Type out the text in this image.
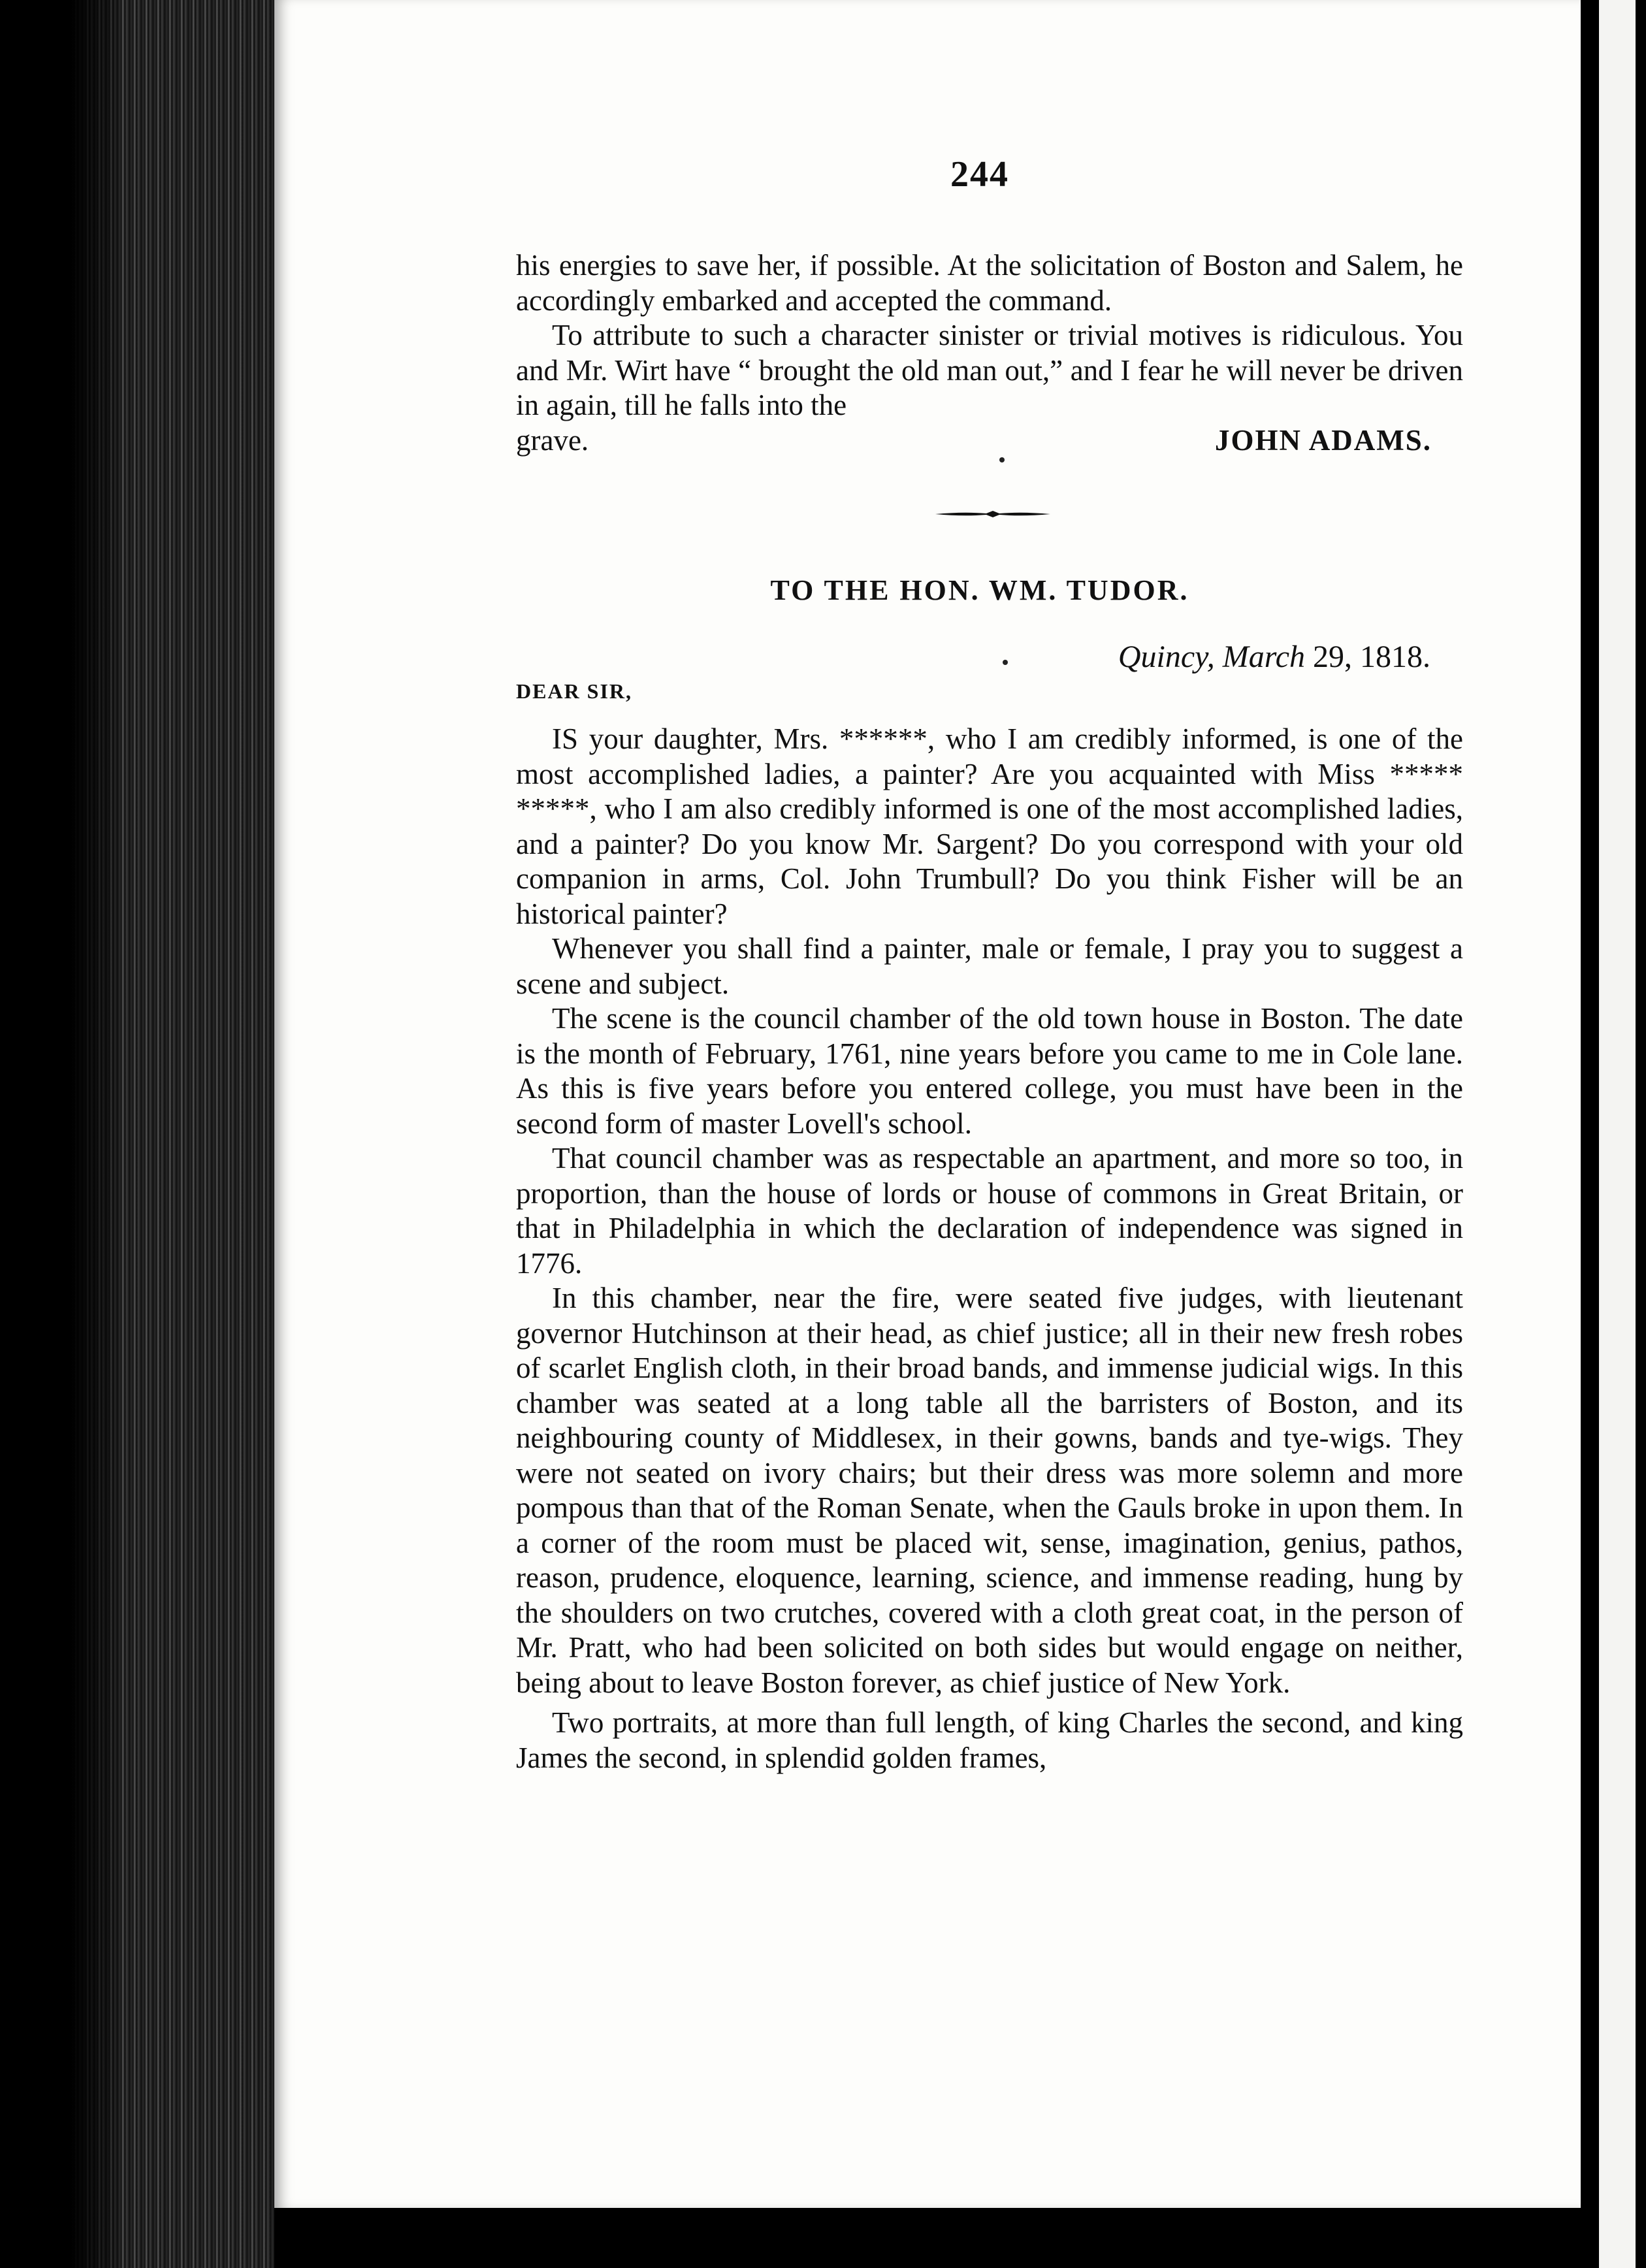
244

his energies to save her, if possible. At the solicitation of Boston and Salem, he accordingly embarked and accepted the command.

To attribute to such a character sinister or trivial motives is ridiculous. You and Mr. Wirt have “ brought the old man out,” and I fear he will never be driven in again, till he falls into the

grave.	JOHN ADAMS.
TO THE HON. WM. TUDOR.
Quincy, March 29, 1818.
DEAR SIR,

IS your daughter, Mrs. ******, who I am credibly informed, is one of the most accomplished ladies, a painter? Are you acquainted with Miss ***** *****, who I am also credibly informed is one of the most accomplished ladies, and a painter? Do you know Mr. Sargent? Do you correspond with your old companion in arms, Col. John Trumbull? Do you think Fisher will be an historical painter?

Whenever you shall find a painter, male or female, I pray you to suggest a scene and subject.

The scene is the council chamber of the old town house in Boston. The date is the month of February, 1761, nine years before you came to me in Cole lane. As this is five years before you entered college, you must have been in the second form of master Lovell's school.

That council chamber was as respectable an apartment, and more so too, in proportion, than the house of lords or house of commons in Great Britain, or that in Philadelphia in which the declaration of independence was signed in 1776.

In this chamber, near the fire, were seated five judges, with lieutenant governor Hutchinson at their head, as chief justice; all in their new fresh robes of scarlet English cloth, in their broad bands, and immense judicial wigs. In this chamber was seated at a long table all the barristers of Boston, and its neighbouring county of Middlesex, in their gowns, bands and tye-wigs. They were not seated on ivory chairs; but their dress was more solemn and more pompous than that of the Roman Senate, when the Gauls broke in upon them. In a corner of the room must be placed wit, sense, imagination, genius, pathos, reason, prudence, eloquence, learning, science, and immense reading, hung by the shoulders on two crutches, covered with a cloth great coat, in the person of Mr. Pratt, who had been solicited on both sides but would engage on neither, being about to leave Boston forever, as chief justice of New York.

Two portraits, at more than full length, of king Charles the second, and king James the second, in splendid golden frames,
